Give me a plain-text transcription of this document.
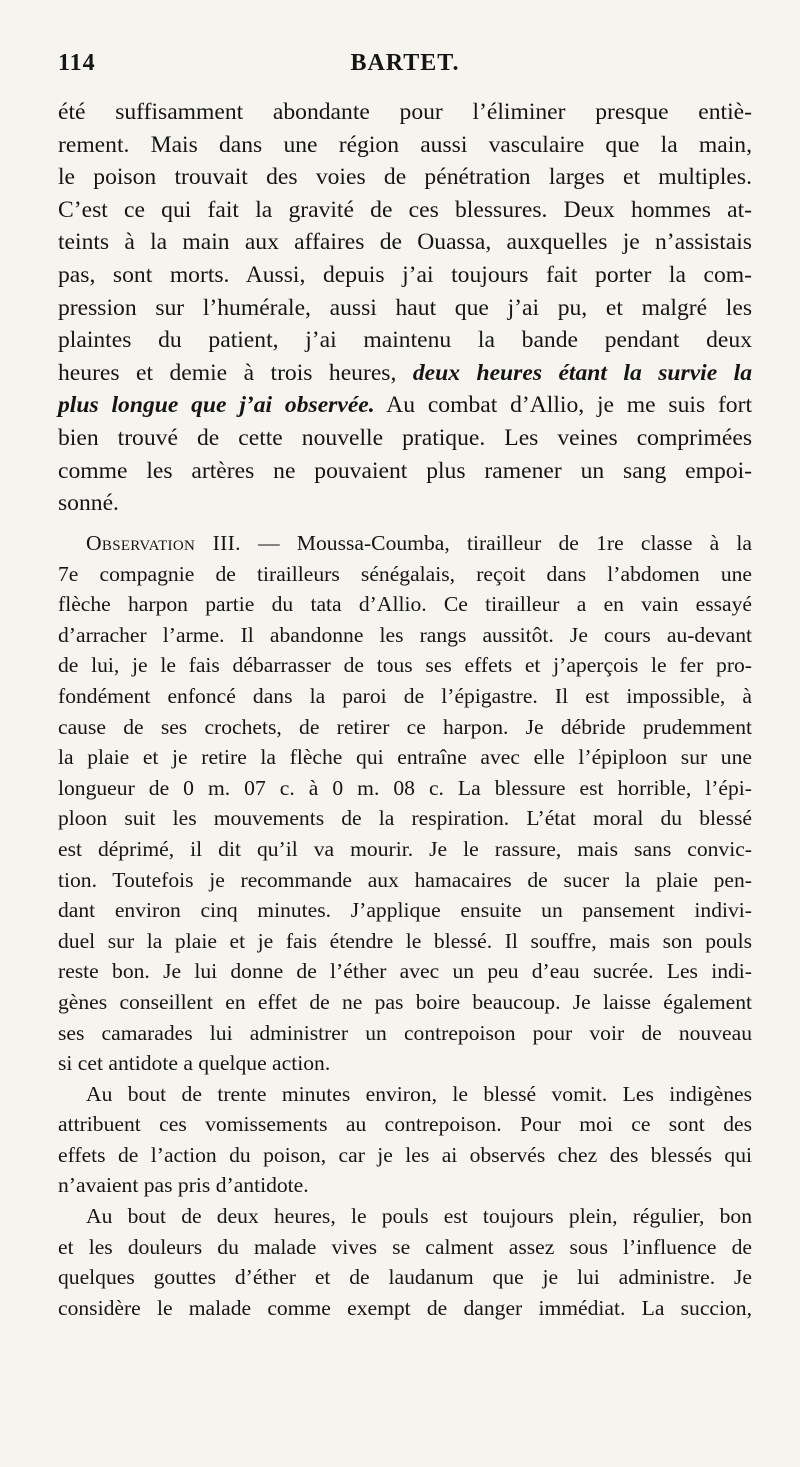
114	BARTET.
été suffisamment abondante pour l’éliminer presque entiè-
rement. Mais dans une région aussi vasculaire que la main,
le poison trouvait des voies de pénétration larges et multiples.
C’est ce qui fait la gravité de ces blessures. Deux hommes at-
teints à la main aux affaires de Ouassa, auxquelles je n’assistais
pas, sont morts. Aussi, depuis j’ai toujours fait porter la com-
pression sur l’humérale, aussi haut que j’ai pu, et malgré les
plaintes du patient, j’ai maintenu la bande pendant deux
heures et demie à trois heures, deux heures étant la survie la
plus longue que j’ai observée. Au combat d’Allio, je me suis fort
bien trouvé de cette nouvelle pratique. Les veines comprimées
comme les artères ne pouvaient plus ramener un sang empoi-
sonné.
Observation III. — Moussa-Coumba, tirailleur de 1re classe à la
7e compagnie de tirailleurs sénégalais, reçoit dans l’abdomen une
flèche harpon partie du tata d’Allio. Ce tirailleur a en vain essayé
d’arracher l’arme. Il abandonne les rangs aussitôt. Je cours au-devant
de lui, je le fais débarrasser de tous ses effets et j’aperçois le fer pro-
fondément enfoncé dans la paroi de l’épigastre. Il est impossible, à
cause de ses crochets, de retirer ce harpon. Je débride prudemment
la plaie et je retire la flèche qui entraîne avec elle l’épiploon sur une
longueur de 0 m. 07 c. à 0 m. 08 c. La blessure est horrible, l’épi-
ploon suit les mouvements de la respiration. L’état moral du blessé
est déprimé, il dit qu’il va mourir. Je le rassure, mais sans convic-
tion. Toutefois je recommande aux hamacaires de sucer la plaie pen-
dant environ cinq minutes. J’applique ensuite un pansement indivi-
duel sur la plaie et je fais étendre le blessé. Il souffre, mais son pouls
reste bon. Je lui donne de l’éther avec un peu d’eau sucrée. Les indi-
gènes conseillent en effet de ne pas boire beaucoup. Je laisse également
ses camarades lui administrer un contrepoison pour voir de nouveau
si cet antidote a quelque action.
Au bout de trente minutes environ, le blessé vomit. Les indigènes
attribuent ces vomissements au contrepoison. Pour moi ce sont des
effets de l’action du poison, car je les ai observés chez des blessés qui
n’avaient pas pris d’antidote.
Au bout de deux heures, le pouls est toujours plein, régulier, bon
et les douleurs du malade vives se calment assez sous l’influence de
quelques gouttes d’éther et de laudanum que je lui administre. Je
considère le malade comme exempt de danger immédiat. La succion,
